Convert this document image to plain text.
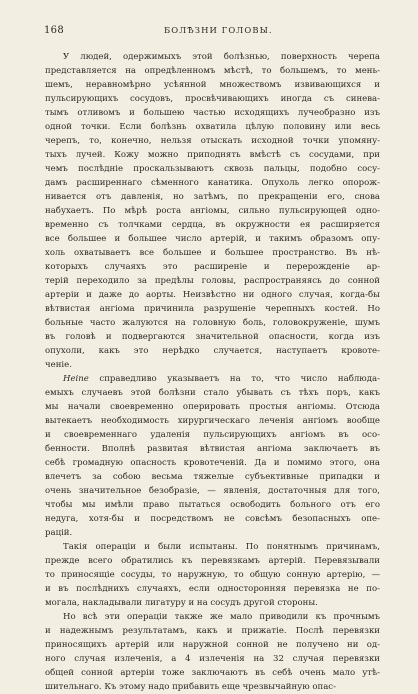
168	БОЛѢЗНИ ГОЛОВЫ.
У людей, одержимыхъ этой болѣзнью, поверхность черепа
представляется на опредѣленномъ мѣстѣ, то большемъ, то мень-
шемъ, неравномѣрно усѣянной множествомъ извивающихся и
пульсирующихъ сосудовъ, просвѣчивающихъ иногда съ синева-
тымъ отливомъ и большею частью исходящихъ лучеобразно изъ
одной точки. Если болѣзнь охватила цѣлую половину или весь
черепъ, то, конечно, нельзя отыскать исходной точки упомяну-
тыхъ лучей. Кожу можно приподнять вмѣстѣ съ сосудами, при
чемъ послѣдніе проскальзываютъ сквозь пальцы, подобно сосу-
дамъ расширеннаго сѣменного канатика. Опухоль легко опорож-
нивается отъ давленія, но затѣмъ, по прекращеніи его, снова
набухаетъ. По мѣрѣ роста ангіомы, сильно пульсирующей одно-
временно съ толчками сердца, въ окружности ея расширяется
все большее и большее число артерій, и такимъ образомъ опу-
холь охватываетъ все большее и большее пространство. Въ нѣ-
которыхъ случаяхъ это расширеніе и перерожденіе ар-
терій переходило за предѣлы головы, распространяясь до сонной
артеріи и даже до аорты. Неизвѣстно ни одного случая, когда-бы
вѣтвистая ангіома причинила разрушеніе черепныхъ костей. Но
больные часто жалуются на головную боль, головокруженіе, шумъ
въ головѣ и подвергаются значительной опасности, когда изъ
опухоли, какъ это нерѣдко случается, наступаетъ кровоте-
ченіе.
Heine справедливо указываетъ на то, что число наблюда-
емыхъ случаевъ этой болѣзни стало убывать съ тѣхъ поръ, какъ
мы начали своевременно оперировать простыя ангіомы. Отсюда
вытекаетъ необходимость хирургическаго леченія ангіомъ вообще
и своевременнаго удаленія пульсирующихъ ангіомъ въ осо-
бенности. Вполнѣ развитая вѣтвистая ангіома заключаетъ въ
себѣ громадную опасность кровотеченій. Да и помимо этого, она
влечетъ за собою весьма тяжелые субъективные припадки и
очень значительное безобразіе, — явленія, достаточныя для того,
чтобы мы имѣли право пытаться освободить больного отъ его
недуга, хотя-бы и посредствомъ не совсѣмъ безопасныхъ опе-
рацій.
Такія операціи и были испытаны. По понятнымъ причинамъ,
прежде всего обратились къ перевязкамъ артерій. Перевязывали
то приносящіе сосуды, то наружную, то общую сонную артерію, —
и въ послѣднихъ случаяхъ, если односторонняя перевязка не по-
могала, накладывали лигатуру и на сосудъ другой стороны.
Но всѣ эти операціи также же мало приводили къ прочнымъ
и надежнымъ результатамъ, какъ и прижатіе. Послѣ перевязки
приносящихъ артерій или наружной сонной не получено ни од-
ного случая излеченія, а 4 излеченія на 32 случая перевязки
общей сонной артеріи тоже заключаютъ въ себѣ очень мало утѣ-
шительнаго. Къ этому надо прибавить еще чрезвычайную опас-
